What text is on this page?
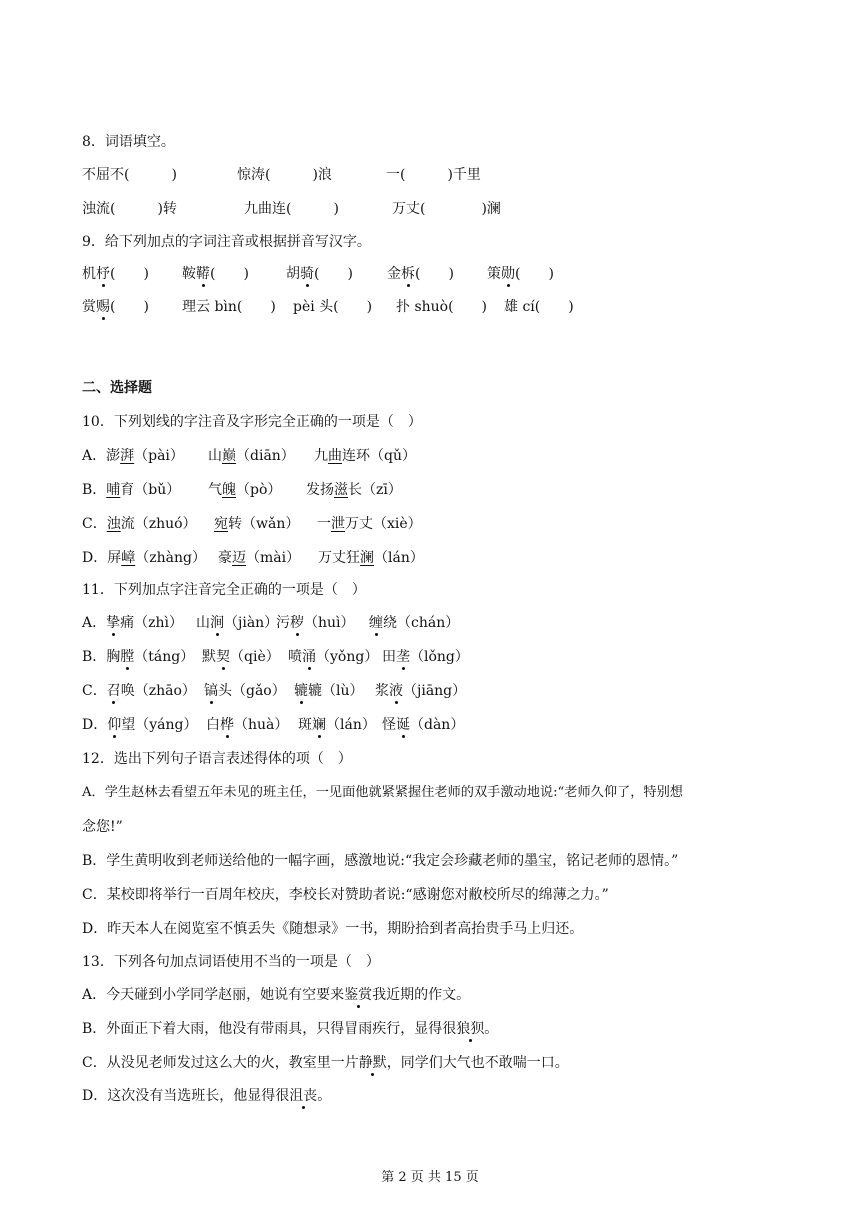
8．词语填空。
不屈不(　　　)	惊涛(　　　)浪	一(　　　)千里
浊流(　　　)转	九曲连(　　　)	万丈(　　　　)澜
9．给下列加点的字词注音或根据拼音写汉字。
机杼(　　) 鞍鞯(　　)	胡骑(　　) 金柝(　　) 策勋(　　)
赏赐(　　) 理云 bìn(　　) pèi 头(　　) 扑 shuò(　　) 雄 cí(　　)
二、选择题
10．下列划线的字注音及字形完全正确的一项是（　）
A．澎湃（pài） 山巅（diān） 九曲连环（qǔ）
B．哺育（bǔ） 气魄（pò） 发扬滋长（zī）
C．浊流（zhuó） 宛转（wǎn） 一泄万丈（xiè）
D．屏嶂（zhàng） 豪迈（mài） 万丈狂澜（lán）
11．下列加点字注音完全正确的一项是（　）
A．挚痛（zhì） 山涧（jiàn）
污秽（huì） 缠绕（chán）
B．胸膛（táng） 默契（qiè） 喷涌（yǒng） 田垄（lǒng）
C．召唤（zhāo） 镐头（gǎo） 辘辘（lù） 浆液（jiāng）
D．仰望（yáng） 白桦（huà） 斑斓（lán） 怪诞（dàn）
12．选出下列句子语言表述得体的项（　）
A．学生赵林去看望五年未见的班主任，一见面他就紧紧握住老师的双手激动地说:“老师久仰了，特别想
念您!”
B．学生黄明收到老师送给他的一幅字画，感激地说:“我定会珍藏老师的墨宝，铭记老师的恩情。”
C．某校即将举行一百周年校庆，李校长对赞助者说:“感谢您对敝校所尽的绵薄之力。”
D．昨天本人在阅览室不慎丢失《随想录》一书，期盼拾到者高抬贵手马上归还。
13．下列各句加点词语使用不当的一项是（　）
A．今天碰到小学同学赵丽，她说有空要来鉴赏我近期的作文。
B．外面正下着大雨，他没有带雨具，只得冒雨疾行，显得很狼狈。
C．从没见老师发过这么大的火，教室里一片静默，同学们大气也不敢喘一口。
D．这次没有当选班长，他显得很沮丧。
第 2 页 共 15 页
